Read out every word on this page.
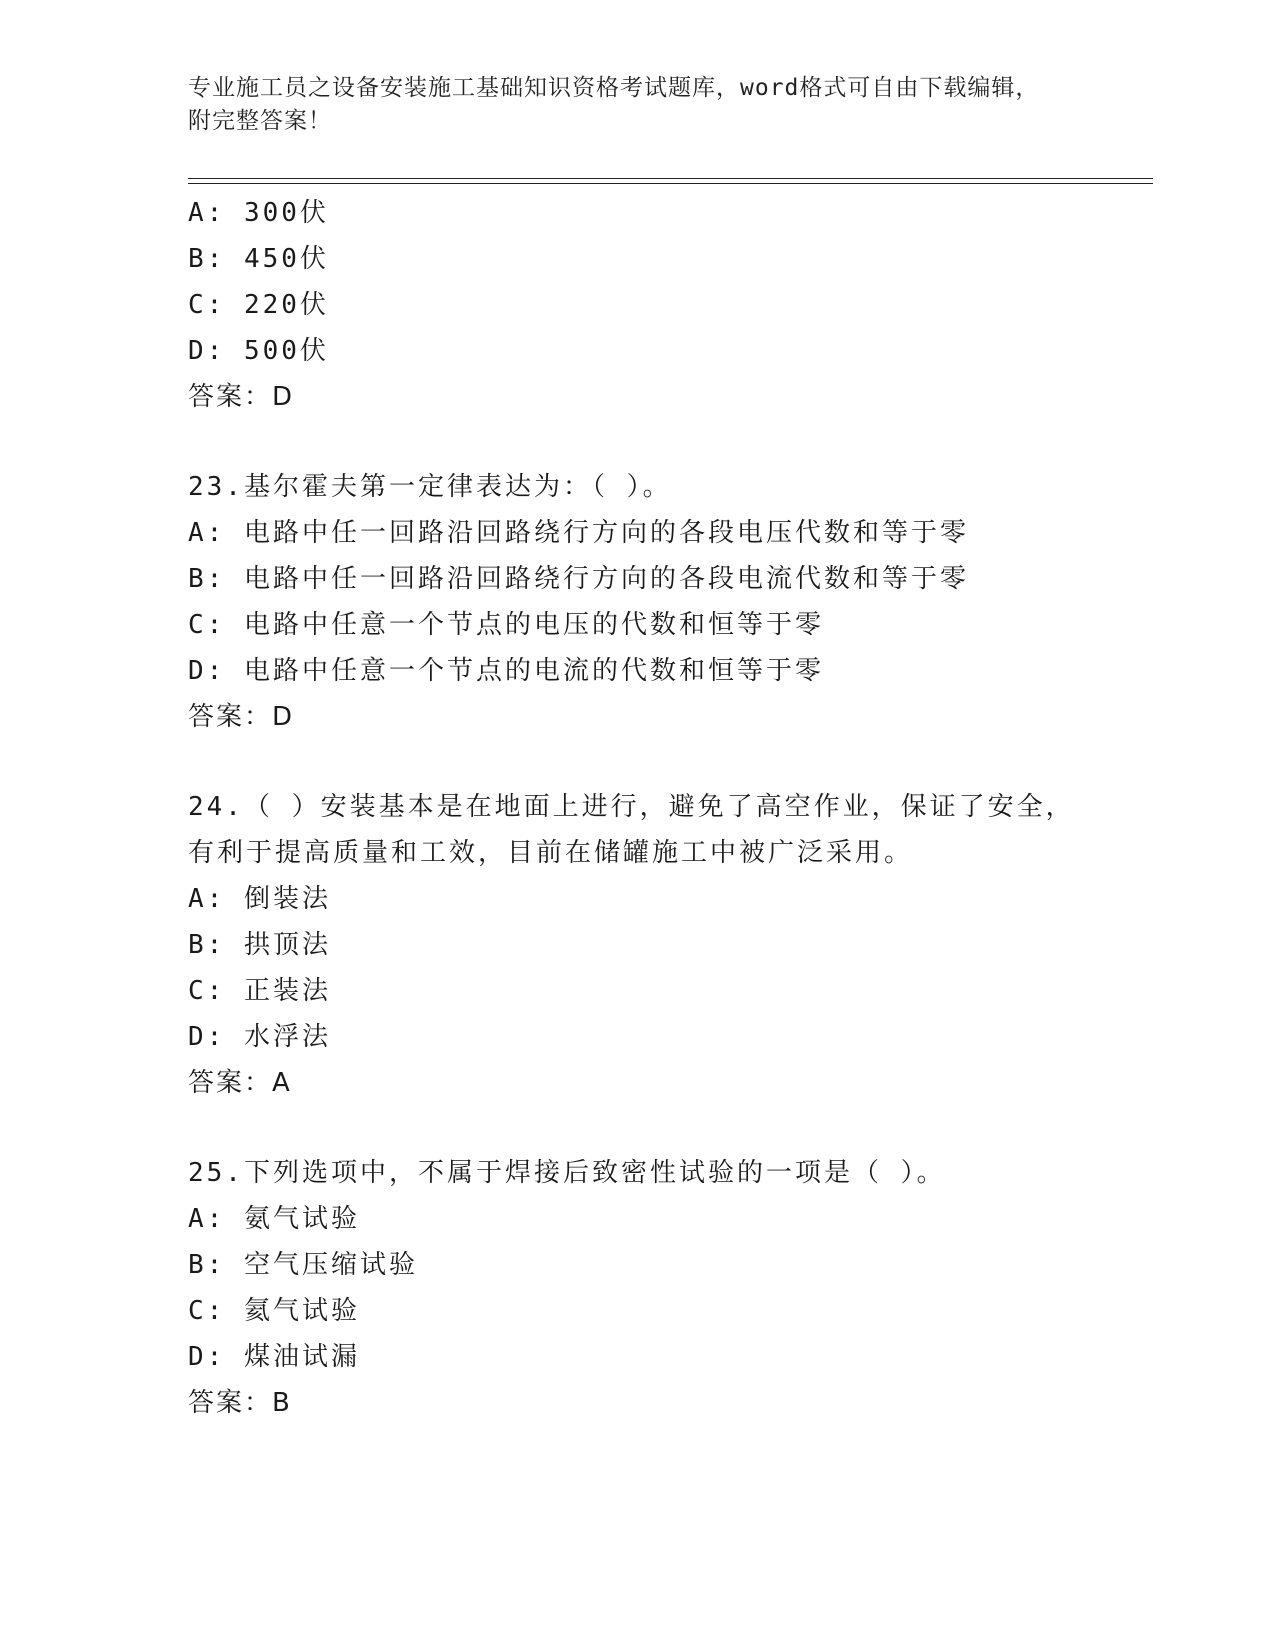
专业施工员之设备安装施工基础知识资格考试题库，word格式可自由下载编辑，
附完整答案！
A: 300伏
B: 450伏
C: 220伏
D: 500伏
答案：D
23.基尔霍夫第一定律表达为：（ ）。
A: 电路中任一回路沿回路绕行方向的各段电压代数和等于零
B: 电路中任一回路沿回路绕行方向的各段电流代数和等于零
C: 电路中任意一个节点的电压的代数和恒等于零
D: 电路中任意一个节点的电流的代数和恒等于零
答案：D
24.（ ）安装基本是在地面上进行，避免了高空作业，保证了安全，
有利于提高质量和工效，目前在储罐施工中被广泛采用。
A: 倒装法
B: 拱顶法
C: 正装法
D: 水浮法
答案：A
25.下列选项中，不属于焊接后致密性试验的一项是（ ）。
A: 氨气试验
B: 空气压缩试验
C: 氦气试验
D: 煤油试漏
答案：B
